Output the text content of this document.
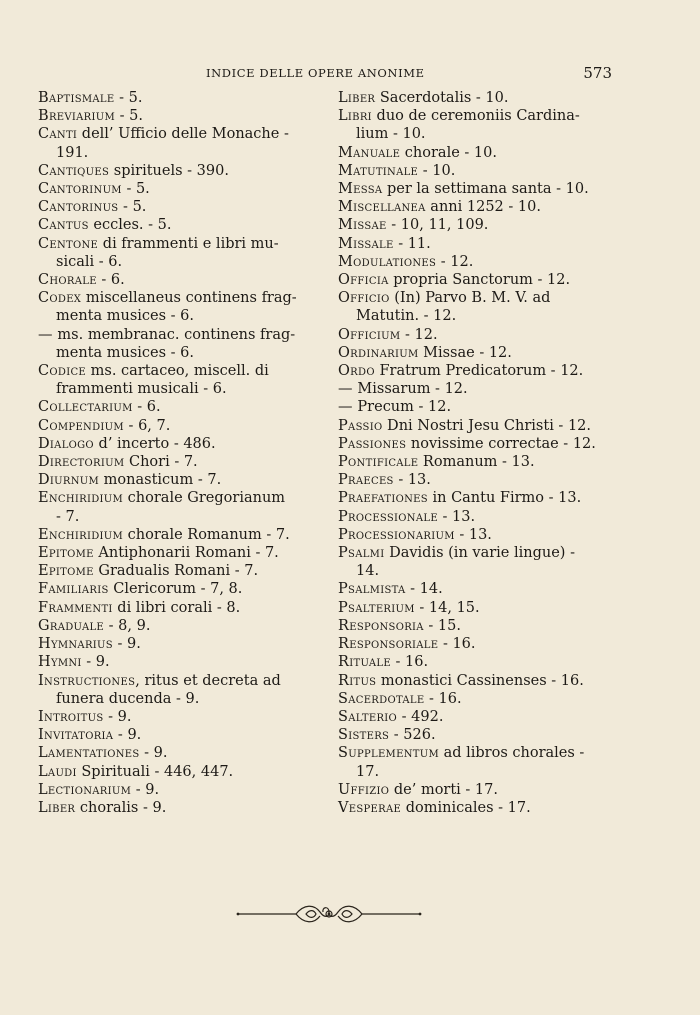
INDICE DELLE OPERE ANONIME	573
Baptismale - 5.
Breviarium - 5.
Canti dell’ Ufficio delle Monache -
191.
Cantiques spirituels - 390.
Cantorinum - 5.
Cantorinus - 5.
Cantus eccles. - 5.
Centone di frammenti e libri mu-
sicali - 6.
Chorale - 6.
Codex miscellaneus continens frag-
menta musices - 6.
— ms. membranac. continens frag-
menta musices - 6.
Codice ms. cartaceo, miscell. di
frammenti musicali - 6.
Collectarium - 6.
Compendium - 6, 7.
Dialogo d’ incerto - 486.
Directorium Chori - 7.
Diurnum monasticum - 7.
Enchiridium chorale Gregorianum
- 7.
Enchiridium chorale Romanum - 7.
Epitome Antiphonarii Romani - 7.
Epitome Gradualis Romani - 7.
Familiaris Clericorum - 7, 8.
Frammenti di libri corali - 8.
Graduale - 8, 9.
Hymnarius - 9.
Hymni - 9.
Instructiones, ritus et decreta ad
funera ducenda - 9.
Introitus - 9.
Invitatoria - 9.
Lamentationes - 9.
Laudi Spirituali - 446, 447.
Lectionarium - 9.
Liber choralis - 9.
Liber Sacerdotalis - 10.
Libri duo de ceremoniis Cardina-
lium - 10.
Manuale chorale - 10.
Matutinale - 10.
Messa per la settimana santa - 10.
Miscellanea anni 1252 - 10.
Missae - 10, 11, 109.
Missale - 11.
Modulationes - 12.
Officia propria Sanctorum - 12.
Officio (In) Parvo B. M. V. ad
Matutin. - 12.
Officium - 12.
Ordinarium Missae - 12.
Ordo Fratrum Predicatorum - 12.
— Missarum - 12.
— Precum - 12.
Passio Dni Nostri Jesu Christi - 12.
Passiones novissime correctae - 12.
Pontificale Romanum - 13.
Praeces - 13.
Praefationes in Cantu Firmo - 13.
Processionale - 13.
Processionarium - 13.
Psalmi Davidis (in varie lingue) -
14.
Psalmista - 14.
Psalterium - 14, 15.
Responsoria - 15.
Responsoriale - 16.
Rituale - 16.
Ritus monastici Cassinenses - 16.
Sacerdotale - 16.
Salterio - 492.
Sisters - 526.
Supplementum ad libros chorales -
17.
Uffizio de’ morti - 17.
Vesperae dominicales - 17.
